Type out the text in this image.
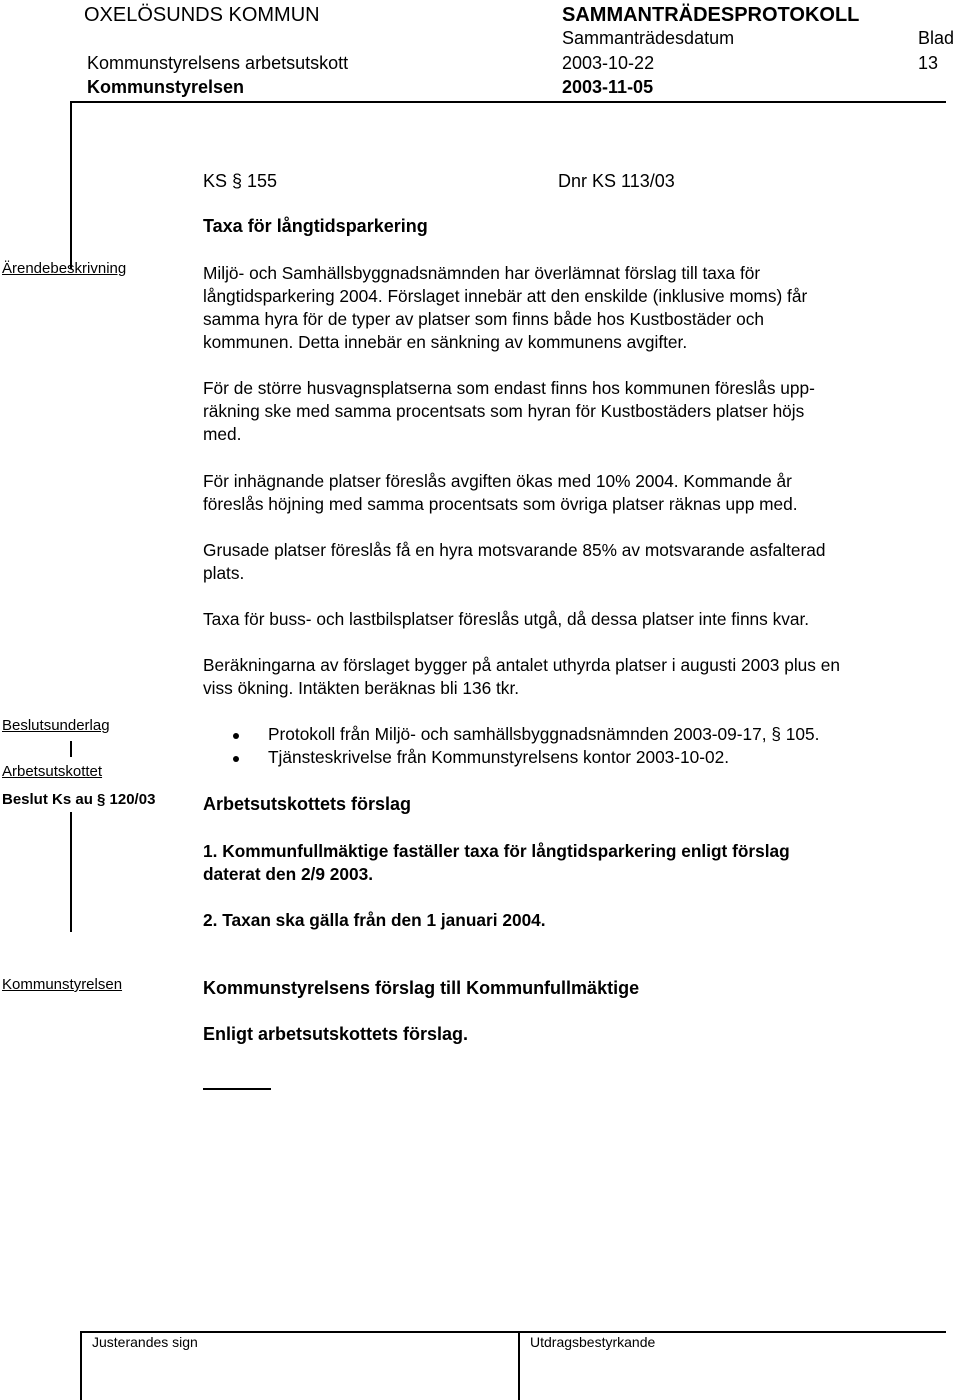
OXELÖSUNDS KOMMUN	SAMMANTRÄDESPROTOKOLL
Sammanträdesdatum	Blad
Kommunstyrelsens arbetsutskott	2003-10-22	13
Kommunstyrelsen	2003-11-05
KS § 155	Dnr KS 113/03
Taxa för långtidsparkering
Ärendebeskrivning
Beslutsunderlag
Arbetsutskottet
Beslut Ks au § 120/03
Kommunstyrelsen
Miljö- och Samhällsbyggnadsnämnden har överlämnat förslag till taxa för
långtidsparkering 2004. Förslaget innebär att den enskilde (inklusive moms) får
samma hyra för de typer av platser som finns både hos Kustbostäder och
kommunen. Detta innebär en sänkning av kommunens avgifter.
För de större husvagnsplatserna som endast finns hos kommunen föreslås upp-
räkning ske med samma procentsats som hyran för Kustbostäders platser höjs
med.
För inhägnande platser föreslås avgiften ökas med 10% 2004. Kommande år
föreslås höjning med samma procentsats som övriga platser räknas upp med.
Grusade platser föreslås få en hyra motsvarande 85% av motsvarande asfalterad
plats.
Taxa för buss- och lastbilsplatser föreslås utgå, då dessa platser inte finns kvar.
Beräkningarna av förslaget bygger på antalet uthyrda platser i augusti 2003 plus en
viss ökning. Intäkten beräknas bli 136 tkr.
Protokoll från Miljö- och samhällsbyggnadsnämnden 2003-09-17, § 105.
Tjänsteskrivelse från Kommunstyrelsens kontor 2003-10-02.
Arbetsutskottets förslag
1. Kommunfullmäktige faställer taxa för långtidsparkering enligt förslag
daterat den 2/9 2003.
2. Taxan ska gälla från den 1 januari 2004.
Kommunstyrelsens förslag till Kommunfullmäktige
Enligt arbetsutskottets förslag.
Justerandes sign	Utdragsbestyrkande
